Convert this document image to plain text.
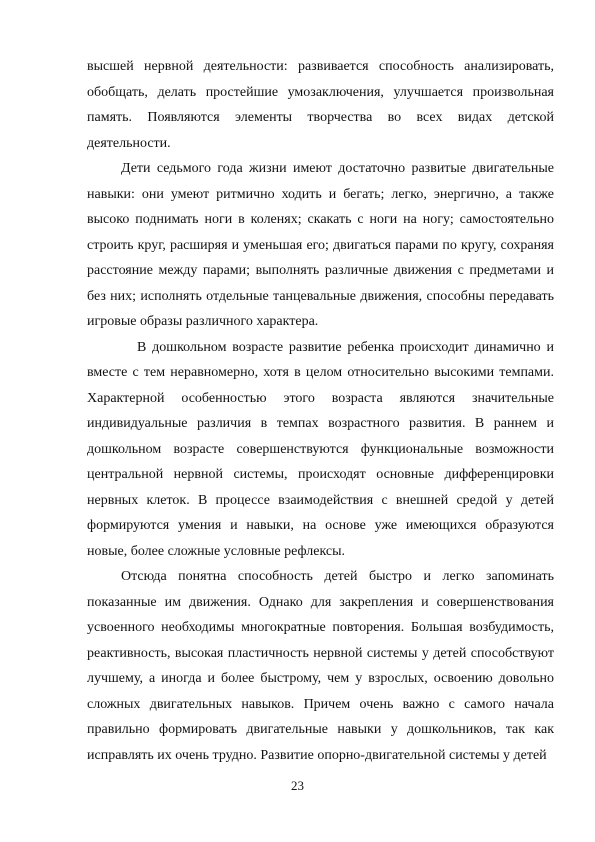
высшей нервной деятельности: развивается способность анализировать, обобщать, делать простейшие умозаключения, улучшается произвольная память. Появляются элементы творчества во всех видах детской деятельности.

Дети седьмого года жизни имеют достаточно развитые двигательные навыки: они умеют ритмично ходить и бегать; легко, энергично, а также высоко поднимать ноги в коленях; скакать с ноги на ногу; самостоятельно строить круг, расширяя и уменьшая его; двигаться парами по кругу, сохраняя расстояние между парами; выполнять различные движения с предметами и без них; исполнять отдельные танцевальные движения, способны передавать игровые образы различного характера.

В дошкольном возрасте развитие ребенка происходит динамично и вместе с тем неравномерно, хотя в целом относительно высокими темпами. Характерной особенностью этого возраста являются значительные индивидуальные различия в темпах возрастного развития. В раннем и дошкольном возрасте совершенствуются функциональные возможности центральной нервной системы, происходят основные дифференцировки нервных клеток. В процессе взаимодействия с внешней средой у детей формируются умения и навыки, на основе уже имеющихся образуются новые, более сложные условные рефлексы.

Отсюда понятна способность детей быстро и легко запоминать показанные им движения. Однако для закрепления и совершенствования усвоенного необходимы многократные повторения. Большая возбудимость, реактивность, высокая пластичность нервной системы у детей способствуют лучшему, а иногда и более быстрому, чем у взрослых, освоению довольно сложных двигательных навыков. Причем очень важно с самого начала правильно формировать двигательные навыки у дошкольников, так как исправлять их очень трудно. Развитие опорно-двигательной системы у детей

23
